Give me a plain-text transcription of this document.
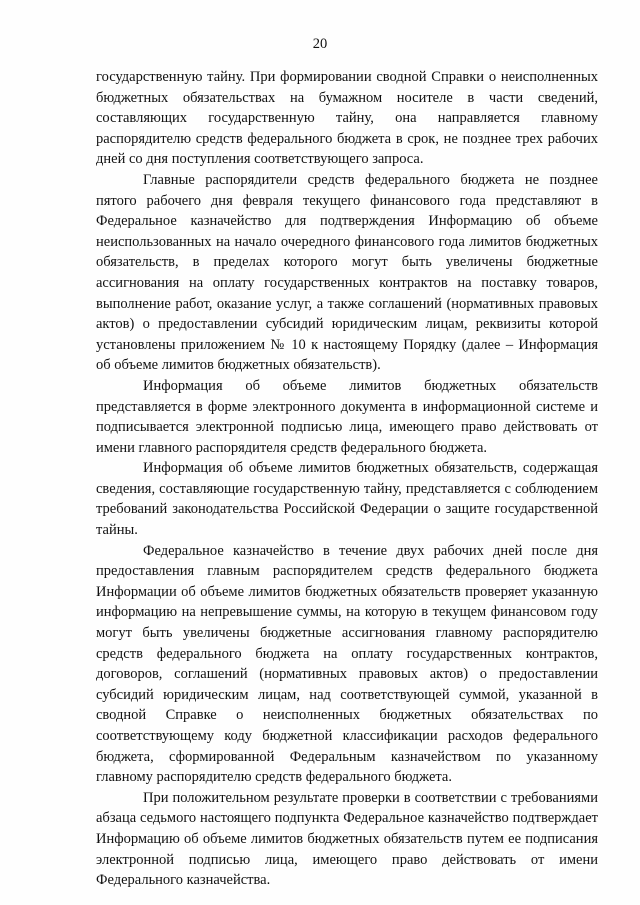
20

государственную тайну. При формировании сводной Справки о неисполненных бюджетных обязательствах на бумажном носителе в части сведений, составляющих государственную тайну, она направляется главному распорядителю средств федерального бюджета в срок, не позднее трех рабочих дней со дня поступления соответствующего запроса.

Главные распорядители средств федерального бюджета не позднее пятого рабочего дня февраля текущего финансового года представляют в Федеральное казначейство для подтверждения Информацию об объеме неиспользованных на начало очередного финансового года лимитов бюджетных обязательств, в пределах которого могут быть увеличены бюджетные ассигнования на оплату государственных контрактов на поставку товаров, выполнение работ, оказание услуг, а также соглашений (нормативных правовых актов) о предоставлении субсидий юридическим лицам, реквизиты которой установлены приложением № 10 к настоящему Порядку (далее – Информация об объеме лимитов бюджетных обязательств).

Информация об объеме лимитов бюджетных обязательств представляется в форме электронного документа в информационной системе и подписывается электронной подписью лица, имеющего право действовать от имени главного распорядителя средств федерального бюджета.

Информация об объеме лимитов бюджетных обязательств, содержащая сведения, составляющие государственную тайну, представляется с соблюдением требований законодательства Российской Федерации о защите государственной тайны.

Федеральное казначейство в течение двух рабочих дней после дня предоставления главным распорядителем средств федерального бюджета Информации об объеме лимитов бюджетных обязательств проверяет указанную информацию на непревышение суммы, на которую в текущем финансовом году могут быть увеличены бюджетные ассигнования главному распорядителю средств федерального бюджета на оплату государственных контрактов, договоров, соглашений (нормативных правовых актов) о предоставлении субсидий юридическим лицам, над соответствующей суммой, указанной в сводной Справке о неисполненных бюджетных обязательствах по соответствующему коду бюджетной классификации расходов федерального бюджета, сформированной Федеральным казначейством по указанному главному распорядителю средств федерального бюджета.

При положительном результате проверки в соответствии с требованиями абзаца седьмого настоящего подпункта Федеральное казначейство подтверждает Информацию об объеме лимитов бюджетных обязательств путем ее подписания электронной подписью лица, имеющего право действовать от имени Федерального казначейства.
